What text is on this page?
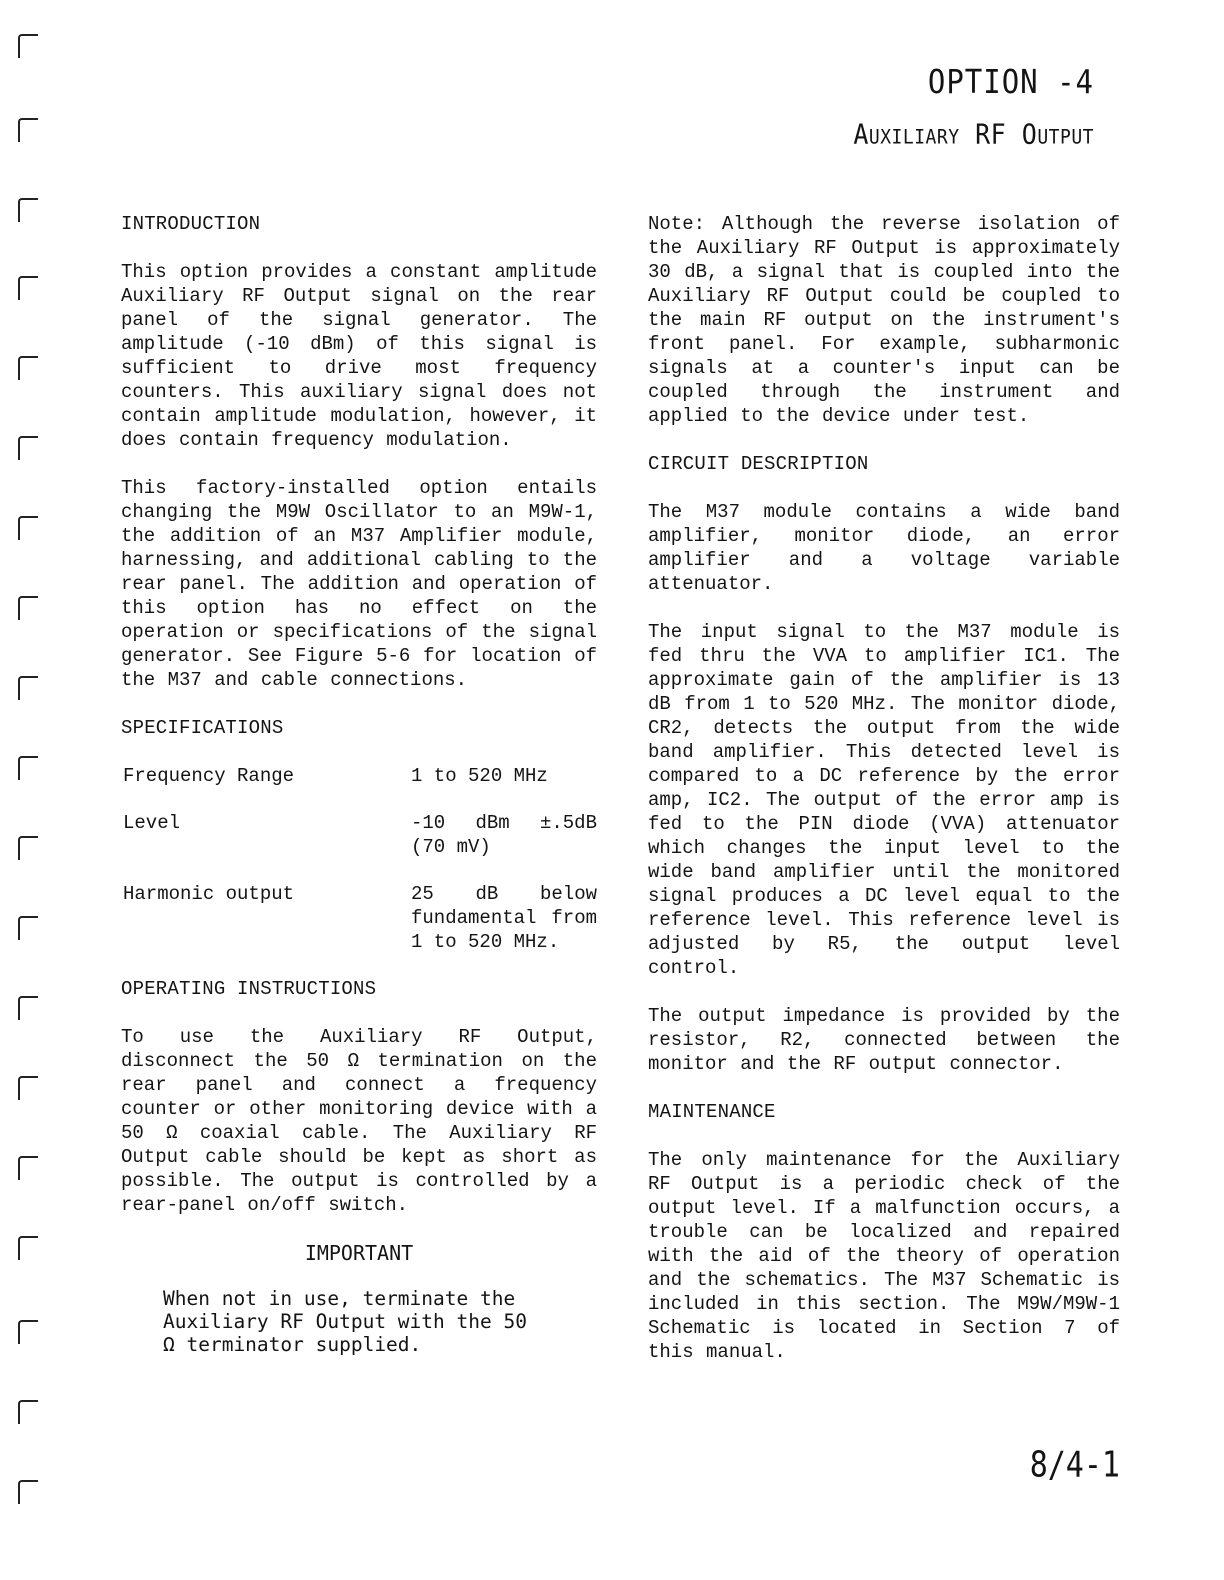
OPTION -4
Auxiliary RF Output
INTRODUCTION

This option provides a constant amplitude Auxiliary RF Output signal on the rear panel of the signal generator. The amplitude (-10 dBm) of this signal is sufficient to drive most frequency counters. This auxiliary signal does not contain amplitude modulation, however, it does contain frequency modulation.

This factory-installed option entails changing the M9W Oscillator to an M9W-1, the addition of an M37 Amplifier module, harnessing, and additional cabling to the rear panel. The addition and operation of this option has no effect on the operation or specifications of the signal generator. See Figure 5-6 for location of the M37 and cable connections.

SPECIFICATIONS
Frequency Range	1 to 520 MHz
Level	-10 dBm ±.5dB (70 mV)
Harmonic output	25 dB below fundamental from 1 to 520 MHz.
OPERATING INSTRUCTIONS

To use the Auxiliary RF Output, disconnect the 50 Ω termination on the rear panel and connect a frequency counter or other monitoring device with a 50 Ω coaxial cable. The Auxiliary RF Output cable should be kept as short as possible. The output is controlled by a rear-panel on/off switch.

IMPORTANT
When not in use, terminate the Auxiliary RF Output with the 50 Ω terminator supplied.

Note: Although the reverse isolation of the Auxiliary RF Output is approximately 30 dB, a signal that is coupled into the Auxiliary RF Output could be coupled to the main RF output on the instrument's front panel. For example, subharmonic signals at a counter's input can be coupled through the instrument and applied to the device under test.

CIRCUIT DESCRIPTION

The M37 module contains a wide band amplifier, monitor diode, an error amplifier and a voltage variable attenuator.

The input signal to the M37 module is fed thru the VVA to amplifier IC1. The approximate gain of the amplifier is 13 dB from 1 to 520 MHz. The monitor diode, CR2, detects the output from the wide band amplifier. This detected level is compared to a DC reference by the error amp, IC2. The output of the error amp is fed to the PIN diode (VVA) attenuator which changes the input level to the wide band amplifier until the monitored signal produces a DC level equal to the reference level. This reference level is adjusted by R5, the output level control.

The output impedance is provided by the resistor, R2, connected between the monitor and the RF output connector.

MAINTENANCE

The only maintenance for the Auxiliary RF Output is a periodic check of the output level. If a malfunction occurs, a trouble can be localized and repaired with the aid of the theory of operation and the schematics. The M37 Schematic is included in this section. The M9W/M9W-1 Schematic is located in Section 7 of this manual.

8/4-1
